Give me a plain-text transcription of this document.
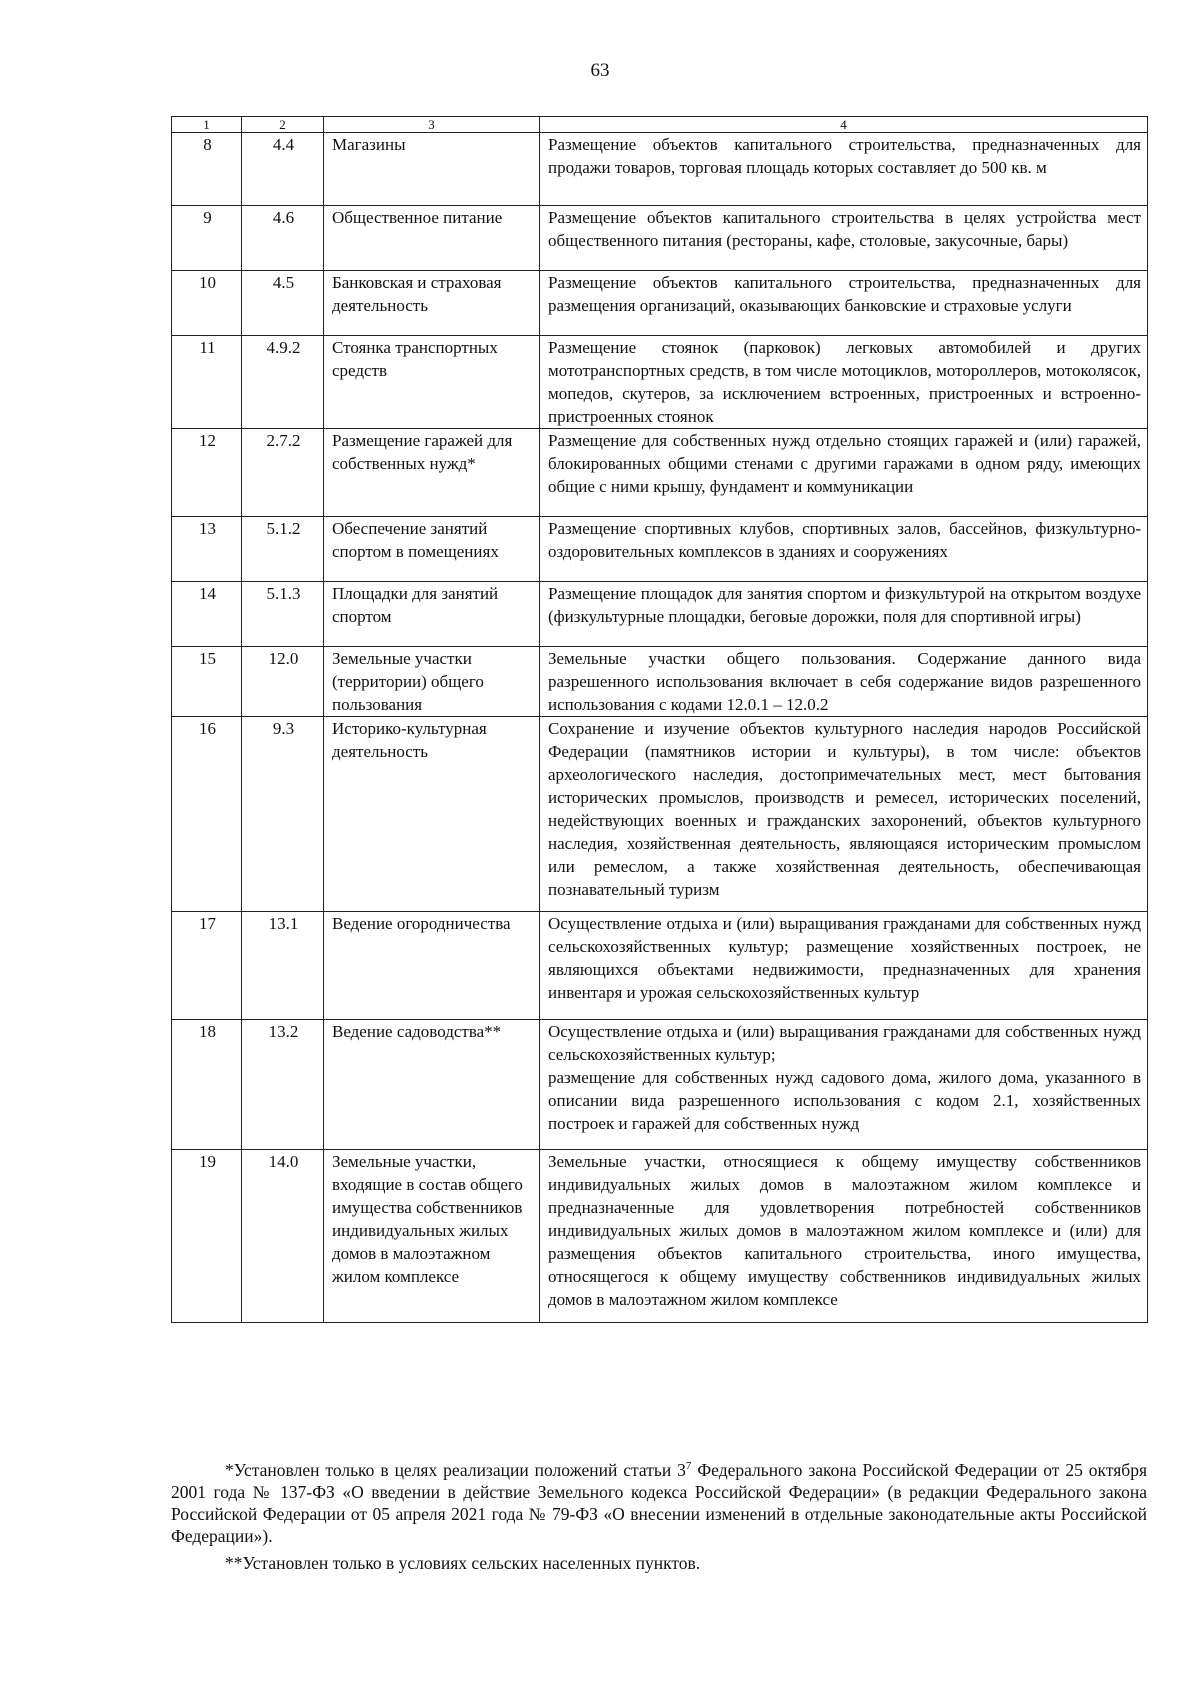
63
1	2	3	4
8	4.4	Магазины	Размещение объектов капитального строительства, предназначенных для продажи товаров, торговая площадь которых составляет до 500 кв. м

9	4.6	Общественное питание	Размещение объектов капитального строительства в целях устройства мест общественного питания (рестораны, кафе, столовые, закусочные, бары)

10	4.5	Банковская и страховая деятельность	Размещение объектов капитального строительства, предназначенных для размещения организаций, оказывающих банковские и страховые услуги

11	4.9.2	Стоянка транспортных средств	Размещение стоянок (парковок) легковых автомобилей и других мототранспортных средств, в том числе мотоциклов, мотороллеров, мотоколясок, мопедов, скутеров, за исключением встроенных, пристроенных и встроенно-пристроенных стоянок

12	2.7.2	Размещение гаражей для собственных нужд*	Размещение для собственных нужд отдельно стоящих гаражей и (или) гаражей, блокированных общими стенами с другими гаражами в одном ряду, имеющих общие с ними крышу, фундамент и коммуникации

13	5.1.2	Обеспечение занятий спортом в помещениях	Размещение спортивных клубов, спортивных залов, бассейнов, физкультурно-оздоровительных комплексов в зданиях и сооружениях

14	5.1.3	Площадки для занятий спортом	Размещение площадок для занятия спортом и физкультурой на открытом воздухе (физкультурные площадки, беговые дорожки, поля для спортивной игры)

15	12.0	Земельные участки (территории) общего пользования	Земельные участки общего пользования. Содержание данного вида разрешенного использования включает в себя содержание видов разрешенного использования с кодами 12.0.1 – 12.0.2

16	9.3	Историко-культурная деятельность	Сохранение и изучение объектов культурного наследия народов Российской Федерации (памятников истории и культуры), в том числе: объектов археологического наследия, достопримечательных мест, мест бытования исторических промыслов, производств и ремесел, исторических поселений, недействующих военных и гражданских захоронений, объектов культурного наследия, хозяйственная деятельность, являющаяся историческим промыслом или ремеслом, а также хозяйственная деятельность, обеспечивающая познавательный туризм

17	13.1	Ведение огородничества	Осуществление отдыха и (или) выращивания гражданами для собственных нужд сельскохозяйственных культур; размещение хозяйственных построек, не являющихся объектами недвижимости, предназначенных для хранения инвентаря и урожая сельскохозяйственных культур

18	13.2	Ведение садоводства**	Осуществление отдыха и (или) выращивания гражданами для собственных нужд сельскохозяйственных культур;
размещение для собственных нужд садового дома, жилого дома, указанного в описании вида разрешенного использования с кодом 2.1, хозяйственных построек и гаражей для собственных нужд

19	14.0	Земельные участки, входящие в состав общего имущества собственников индивидуальных жилых домов в малоэтажном жилом комплексе	Земельные участки, относящиеся к общему имуществу собственников индивидуальных жилых домов в малоэтажном жилом комплексе и предназначенные для удовлетворения потребностей собственников индивидуальных жилых домов в малоэтажном жилом комплексе и (или) для размещения объектов капитального строительства, иного имущества, относящегося к общему имуществу собственников индивидуальных жилых домов в малоэтажном жилом комплексе

*Установлен только в целях реализации положений статьи $3^7$ Федерального закона Российской Федерации от 25 октября 2001 года № 137-ФЗ «О введении в действие Земельного кодекса Российской Федерации» (в редакции Федерального закона Российской Федерации от 05 апреля 2021 года № 79-ФЗ «О внесении изменений в отдельные законодательные акты Российской Федерации»).

**Установлен только в условиях сельских населенных пунктов.
